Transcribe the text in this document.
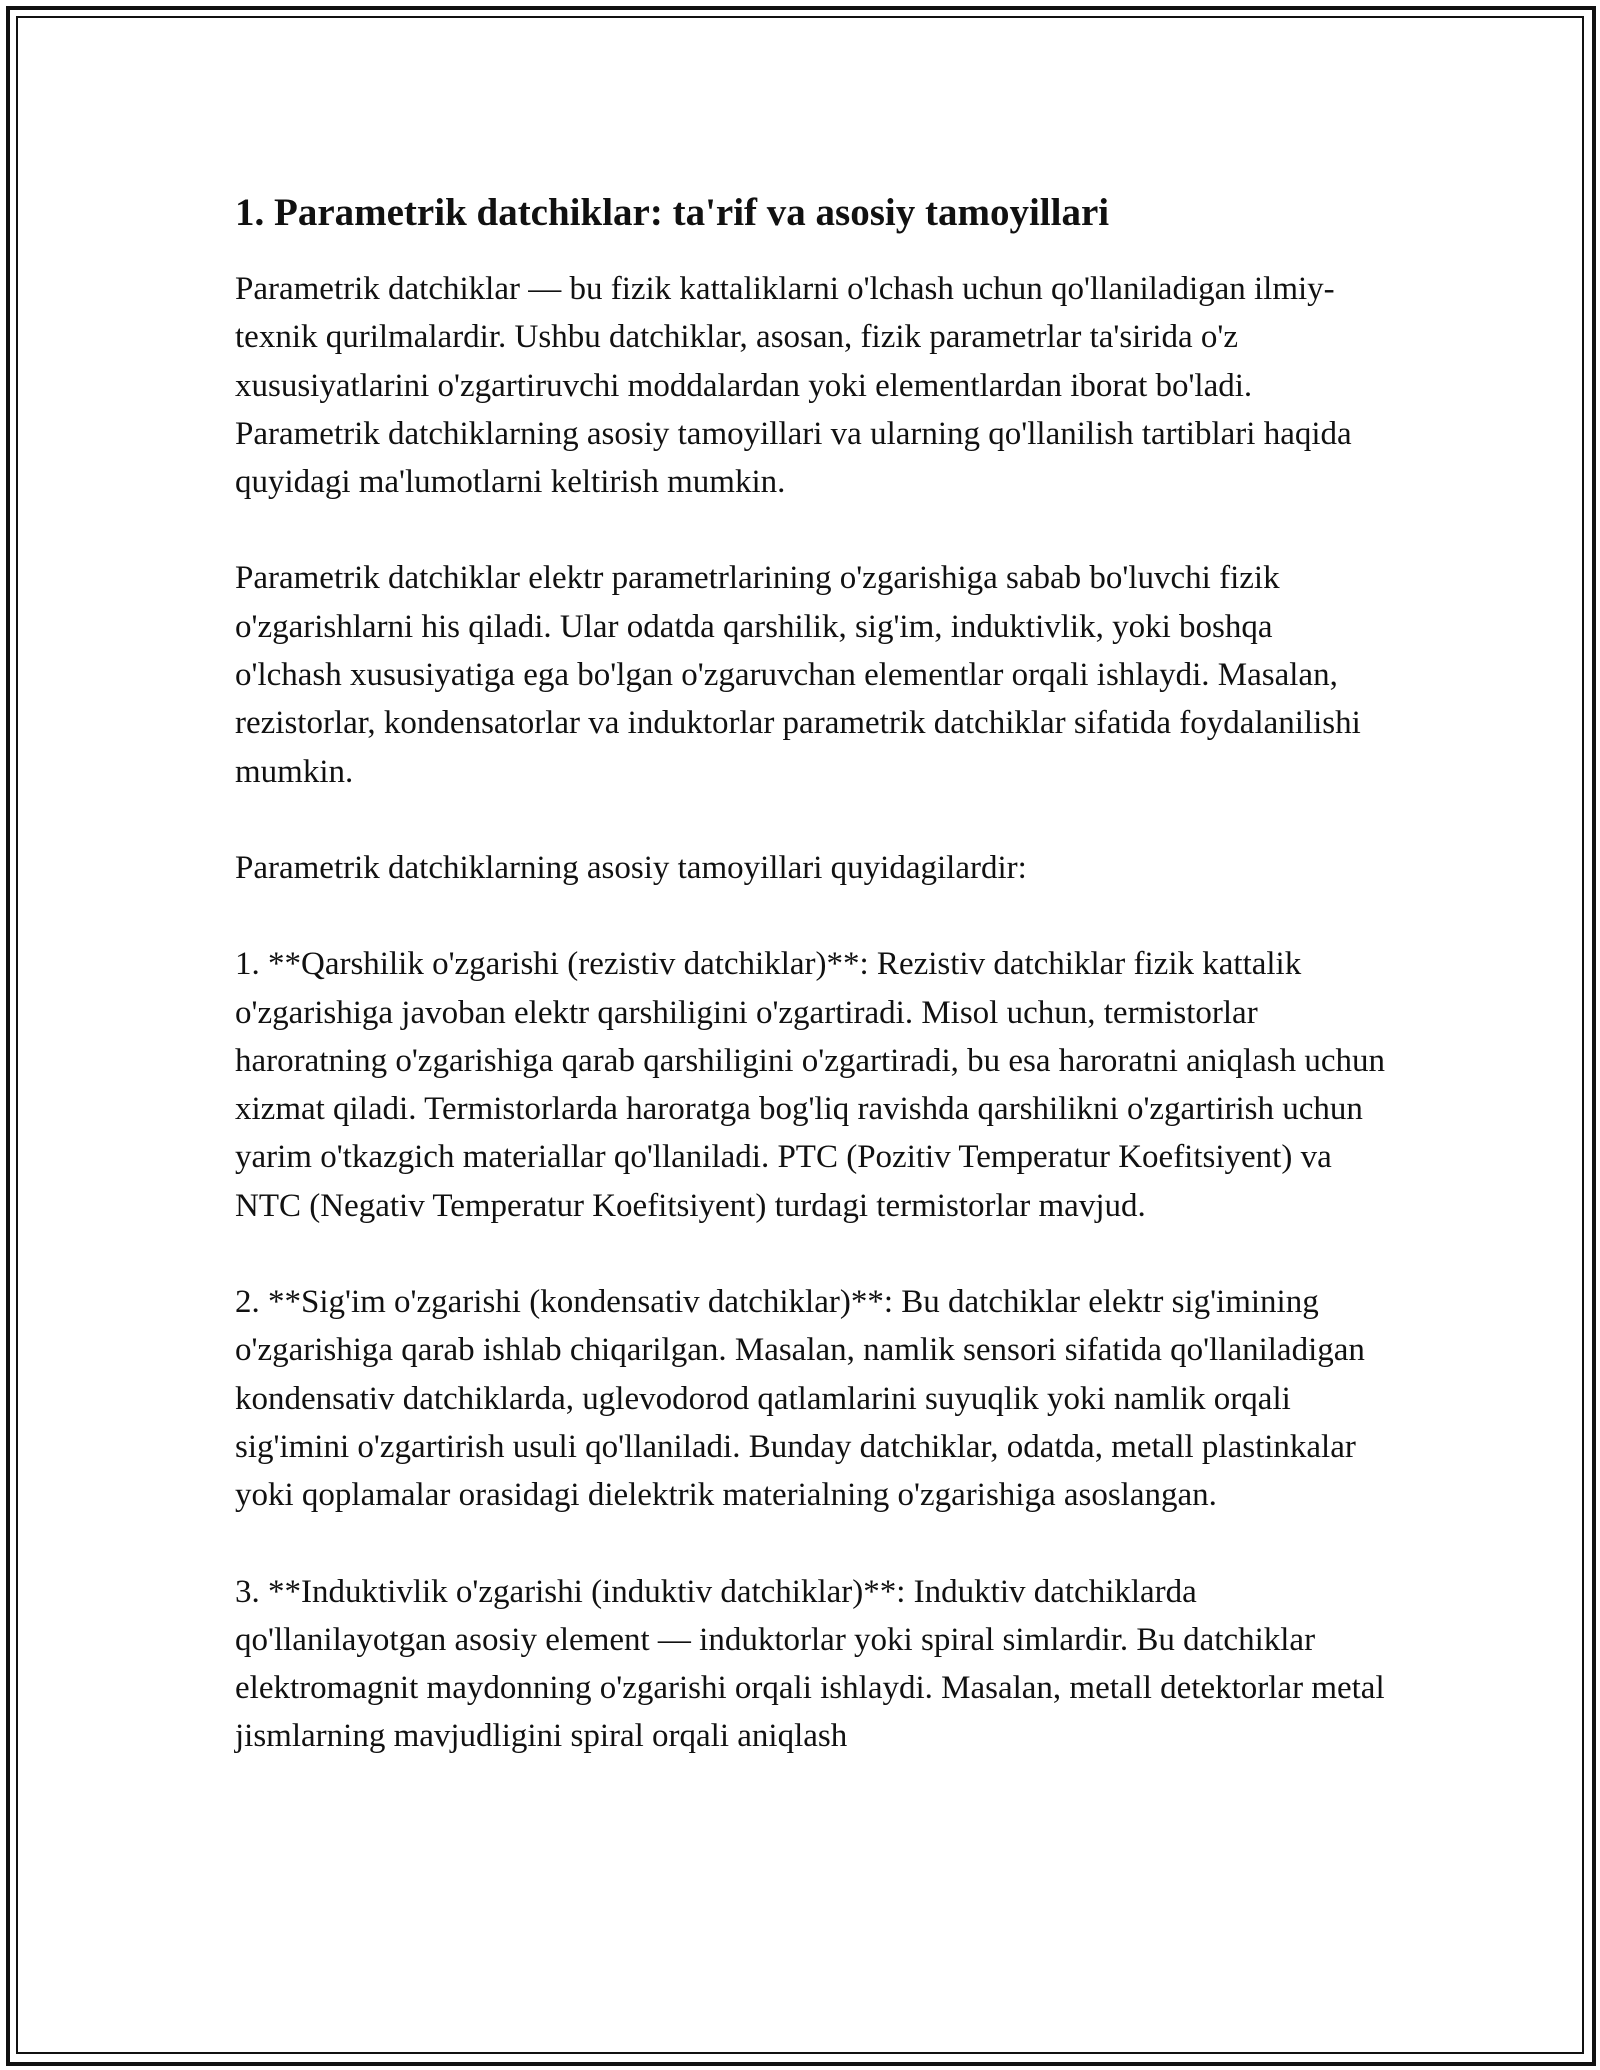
1. Parametrik datchiklar: ta'rif va asosiy tamoyillari

Parametrik datchiklar — bu fizik kattaliklarni o'lchash uchun qo'llaniladigan ilmiy-texnik qurilmalardir. Ushbu datchiklar, asosan, fizik parametrlar ta'sirida o'z xususiyatlarini o'zgartiruvchi moddalardan yoki elementlardan iborat bo'ladi. Parametrik datchiklarning asosiy tamoyillari va ularning qo'llanilish tartiblari haqida quyidagi ma'lumotlarni keltirish mumkin.

Parametrik datchiklar elektr parametrlarining o'zgarishiga sabab bo'luvchi fizik o'zgarishlarni his qiladi. Ular odatda qarshilik, sig'im, induktivlik, yoki boshqa o'lchash xususiyatiga ega bo'lgan o'zgaruvchan elementlar orqali ishlaydi. Masalan, rezistorlar, kondensatorlar va induktorlar parametrik datchiklar sifatida foydalanilishi mumkin.

Parametrik datchiklarning asosiy tamoyillari quyidagilardir:

1. **Qarshilik o'zgarishi (rezistiv datchiklar)**: Rezistiv datchiklar fizik kattalik o'zgarishiga javoban elektr qarshiligini o'zgartiradi. Misol uchun, termistorlar haroratning o'zgarishiga qarab qarshiligini o'zgartiradi, bu esa haroratni aniqlash uchun xizmat qiladi. Termistorlarda haroratga bog'liq ravishda qarshilikni o'zgartirish uchun yarim o'tkazgich materiallar qo'llaniladi. PTC (Pozitiv Temperatur Koefitsiyent) va NTC (Negativ Temperatur Koefitsiyent) turdagi termistorlar mavjud.

2. **Sig'im o'zgarishi (kondensativ datchiklar)**: Bu datchiklar elektr sig'imining o'zgarishiga qarab ishlab chiqarilgan. Masalan, namlik sensori sifatida qo'llaniladigan kondensativ datchiklarda, uglevodorod qatlamlarini suyuqlik yoki namlik orqali sig'imini o'zgartirish usuli qo'llaniladi. Bunday datchiklar, odatda, metall plastinkalar yoki qoplamalar orasidagi dielektrik materialning o'zgarishiga asoslangan.

3. **Induktivlik o'zgarishi (induktiv datchiklar)**: Induktiv datchiklarda qo'llanilayotgan asosiy element — induktorlar yoki spiral simlardir. Bu datchiklar elektromagnit maydonning o'zgarishi orqali ishlaydi. Masalan, metall detektorlar metal jismlarning mavjudligini spiral orqali aniqlash
